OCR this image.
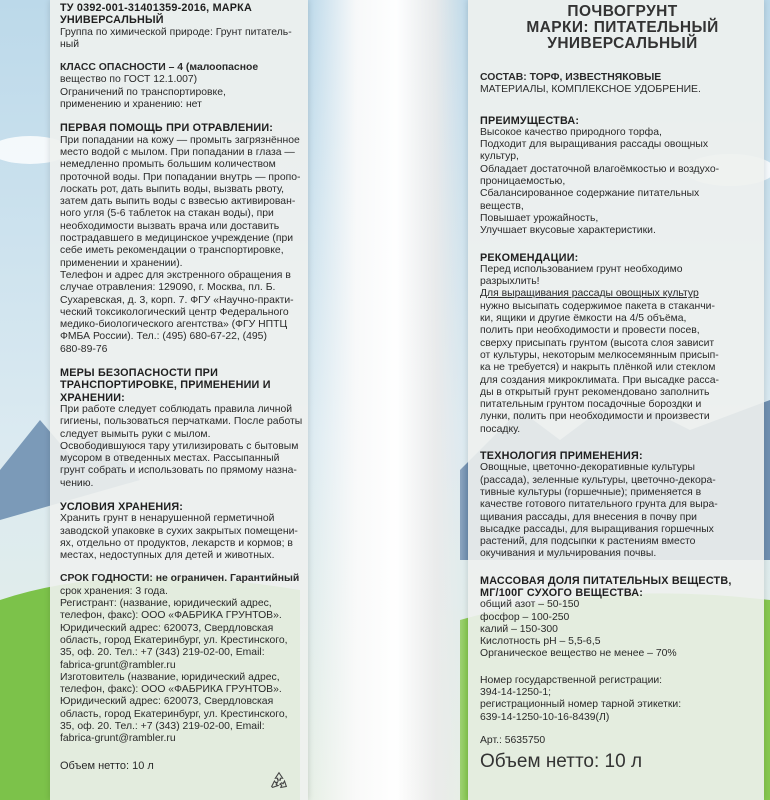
ТУ 0392-001-31401359-2016, МАРКА
УНИВЕРСАЛЬНЫЙ
Группа по химической природе: Грунт питатель-
ный
КЛАСС ОПАСНОСТИ – 4 (малоопасное
вещество по ГОСТ 12.1.007)
Ограничений по транспортировке,
применению и хранению: нет
ПЕРВАЯ ПОМОЩЬ ПРИ ОТРАВЛЕНИИ:
При попадании на кожу — промыть загрязнённое
место водой с мылом. При попадании в глаза —
немедленно промыть большим количеством
проточной воды. При попадании внутрь — пропо-
лоскать рот, дать выпить воды, вызвать рвоту,
затем дать выпить воды с взвесью активирован-
ного угля (5-6 таблеток на стакан воды), при
необходимости вызвать врача или доставить
пострадавшего в медицинское учреждение (при
себе иметь рекомендации о транспортировке,
применении и хранении).
Телефон и адрес для экстренного обращения в
случае отравления: 129090, г. Москва, пл. Б.
Сухаревская, д. 3, корп. 7. ФГУ «Научно-практи-
ческий токсикологический центр Федерального
медико-биологического агентства» (ФГУ НПТЦ
ФМБА России). Тел.: (495) 680-67-22, (495)
680-89-76
МЕРЫ БЕЗОПАСНОСТИ ПРИ
ТРАНСПОРТИРОВКЕ, ПРИМЕНЕНИИ И
ХРАНЕНИИ:
При работе следует соблюдать правила личной
гигиены, пользоваться перчатками. После работы
следует вымыть руки с мылом.
Освободившуюся тару утилизировать с бытовым
мусором в отведенных местах. Рассыпанный
грунт собрать и использовать по прямому назна-
чению.
УСЛОВИЯ ХРАНЕНИЯ:
Хранить грунт в ненарушенной герметичной
заводской упаковке в сухих закрытых помещени-
ях, отдельно от продуктов, лекарств и кормов; в
местах, недоступных для детей и животных.
СРОК ГОДНОСТИ: не ограничен. Гарантийный
срок хранения: 3 года.
Регистрант: (название, юридический адрес,
телефон, факс): ООО «ФАБРИКА ГРУНТОВ».
Юридический адрес: 620073, Свердловская
область, город Екатеринбург, ул. Крестинского,
35, оф. 20. Тел.: +7 (343) 219-02-00, Email:
fabrica-grunt@rambler.ru
Изготовитель (название, юридический адрес,
телефон, факс): ООО «ФАБРИКА ГРУНТОВ».
Юридический адрес: 620073, Свердловская
область, город Екатеринбург, ул. Крестинского,
35, оф. 20. Тел.: +7 (343) 219-02-00, Email:
fabrica-grunt@rambler.ru
Объем нетто: 10 л
ПОЧВОГРУНТ
МАРКИ: ПИТАТЕЛЬНЫЙ
УНИВЕРСАЛЬНЫЙ
СОСТАВ: ТОРФ, ИЗВЕСТНЯКОВЫЕ
МАТЕРИАЛЫ, КОМПЛЕКСНОЕ УДОБРЕНИЕ.
ПРЕИМУЩЕСТВА:
Высокое качество природного торфа,
Подходит для выращивания рассады овощных
культур,
Обладает достаточной влагоёмкостью и воздухо-
проницаемостью,
Сбалансированное содержание питательных
веществ,
Повышает урожайность,
Улучшает вкусовые характеристики.
РЕКОМЕНДАЦИИ:
Перед использованием грунт необходимо
разрыхлить!
Для выращивания рассады овощных культур
нужно высыпать содержимое пакета в стаканчи-
ки, ящики и другие ёмкости на 4/5 объёма,
полить при необходимости и провести посев,
сверху присыпать грунтом (высота слоя зависит
от культуры, некоторым мелкосемянным присып-
ка не требуется) и накрыть плёнкой или стеклом
для создания микроклимата. При высадке расса-
ды в открытый грунт рекомендовано заполнить
питательным грунтом посадочные бороздки и
лунки, полить при необходимости и произвести
посадку.
ТЕХНОЛОГИЯ ПРИМЕНЕНИЯ:
Овощные, цветочно-декоративные культуры
(рассада), зеленные культуры, цветочно-декора-
тивные культуры (горшечные); применяется в
качестве готового питательного грунта для выра-
щивания рассады, для внесения в почву при
высадке рассады, для выращивания горшечных
растений, для подсыпки к растениям вместо
окучивания и мульчирования почвы.
МАССОВАЯ ДОЛЯ ПИТАТЕЛЬНЫХ ВЕЩЕСТВ,
МГ/100Г СУХОГО ВЕЩЕСТВА:
общий азот – 50-150
фосфор – 100-250
калий – 150-300
Кислотность рН – 5,5-6,5
Органическое вещество не менее – 70%
Номер государственной регистрации:
394-14-1250-1;
регистрационный номер тарной этикетки:
639-14-1250-10-16-8439(Л)
Арт.: 5635750
Объем нетто: 10 л
